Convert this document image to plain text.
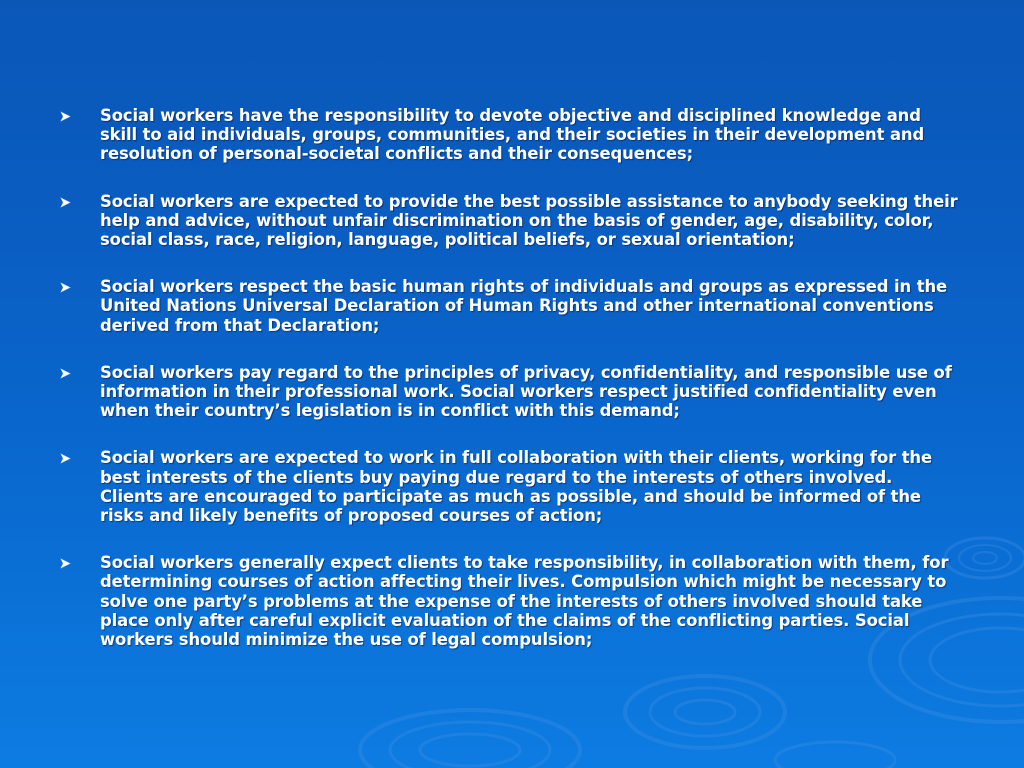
Social workers have the responsibility to devote objective and disciplined knowledge and skill to aid individuals, groups, communities, and their societies in their development and resolution of personal-societal conflicts and their consequences;
Social workers are expected to provide the best possible assistance to anybody seeking their help and advice, without unfair discrimination on the basis of gender, age, disability, color, social class, race, religion, language, political beliefs, or sexual orientation;
Social workers respect the basic human rights of individuals and groups as expressed in the United Nations Universal Declaration of Human Rights and other international conventions derived from that Declaration;
Social workers pay regard to the principles of privacy, confidentiality, and responsible use of information in their professional work. Social workers respect justified confidentiality even when their country’s legislation is in conflict with this demand;
Social workers are expected to work in full collaboration with their clients, working for the best interests of the clients buy paying due regard to the interests of others involved. Clients are encouraged to participate as much as possible, and should be informed of the risks and likely benefits of proposed courses of action;
Social workers generally expect clients to take responsibility, in collaboration with them, for determining courses of action affecting their lives. Compulsion which might be necessary to solve one party’s problems at the expense of the interests of others involved should take place only after careful explicit evaluation of the claims of the conflicting parties. Social workers should minimize the use of legal compulsion;
